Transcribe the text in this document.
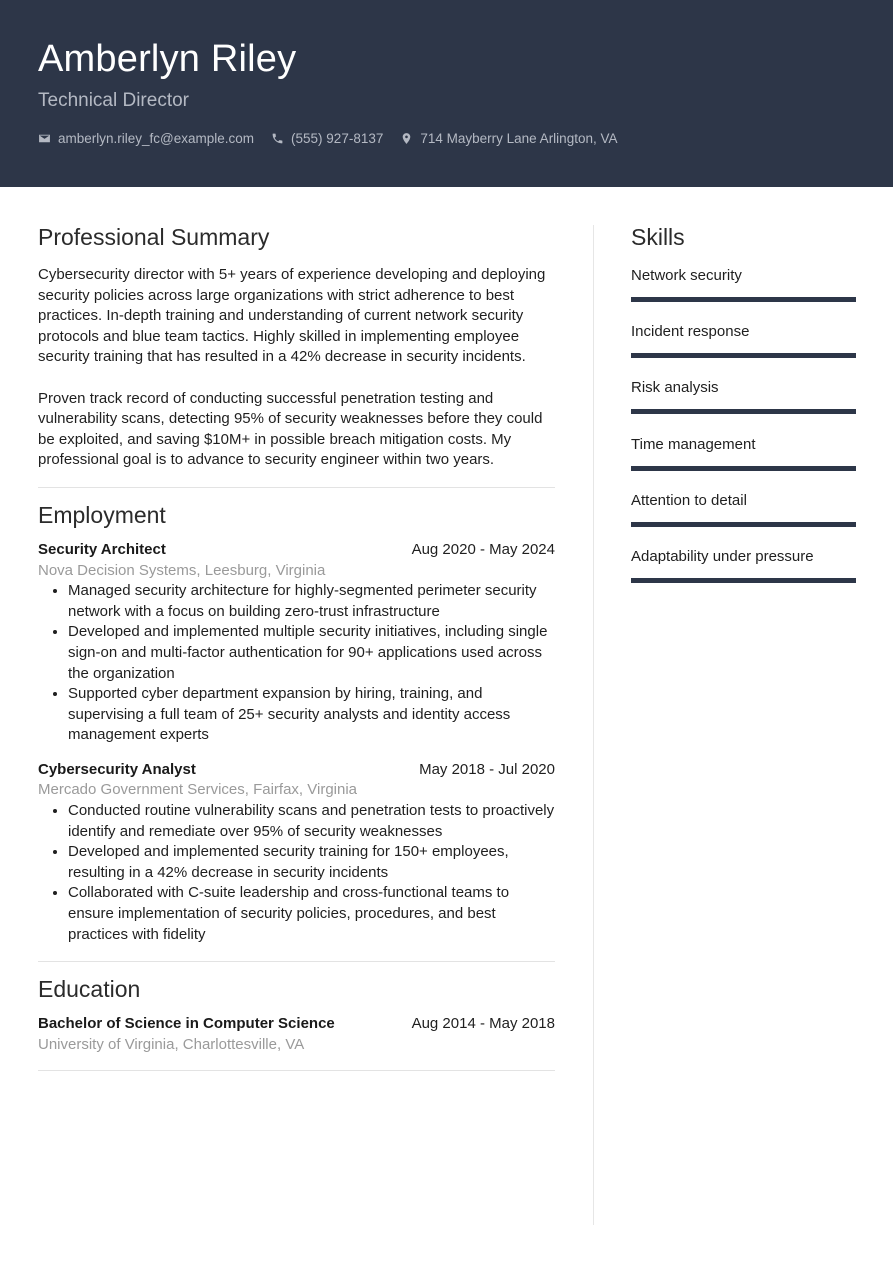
Amberlyn Riley
Technical Director
amberlyn.riley_fc@example.com	(555) 927-8137	714 Mayberry Lane Arlington, VA
Professional Summary

Cybersecurity director with 5+ years of experience developing and deploying security policies across large organizations with strict adherence to best practices. In-depth training and understanding of current network security protocols and blue team tactics. Highly skilled in implementing employee security training that has resulted in a 42% decrease in security incidents.

Proven track record of conducting successful penetration testing and vulnerability scans, detecting 95% of security weaknesses before they could be exploited, and saving $10M+ in possible breach mitigation costs. My professional goal is to advance to security engineer within two years.

Employment
Security Architect	Aug 2020 - May 2024
Nova Decision Systems, Leesburg, Virginia
• Managed security architecture for highly-segmented perimeter security network with a focus on building zero-trust infrastructure
• Developed and implemented multiple security initiatives, including single sign-on and multi-factor authentication for 90+ applications used across the organization
• Supported cyber department expansion by hiring, training, and supervising a full team of 25+ security analysts and identity access management experts
Cybersecurity Analyst	May 2018 - Jul 2020
Mercado Government Services, Fairfax, Virginia
• Conducted routine vulnerability scans and penetration tests to proactively identify and remediate over 95% of security weaknesses
• Developed and implemented security training for 150+ employees, resulting in a 42% decrease in security incidents
• Collaborated with C-suite leadership and cross-functional teams to ensure implementation of security policies, procedures, and best practices with fidelity
Education
Bachelor of Science in Computer Science	Aug 2014 - May 2018
University of Virginia, Charlottesville, VA
Skills
Network security
Incident response
Risk analysis
Time management
Attention to detail
Adaptability under pressure
